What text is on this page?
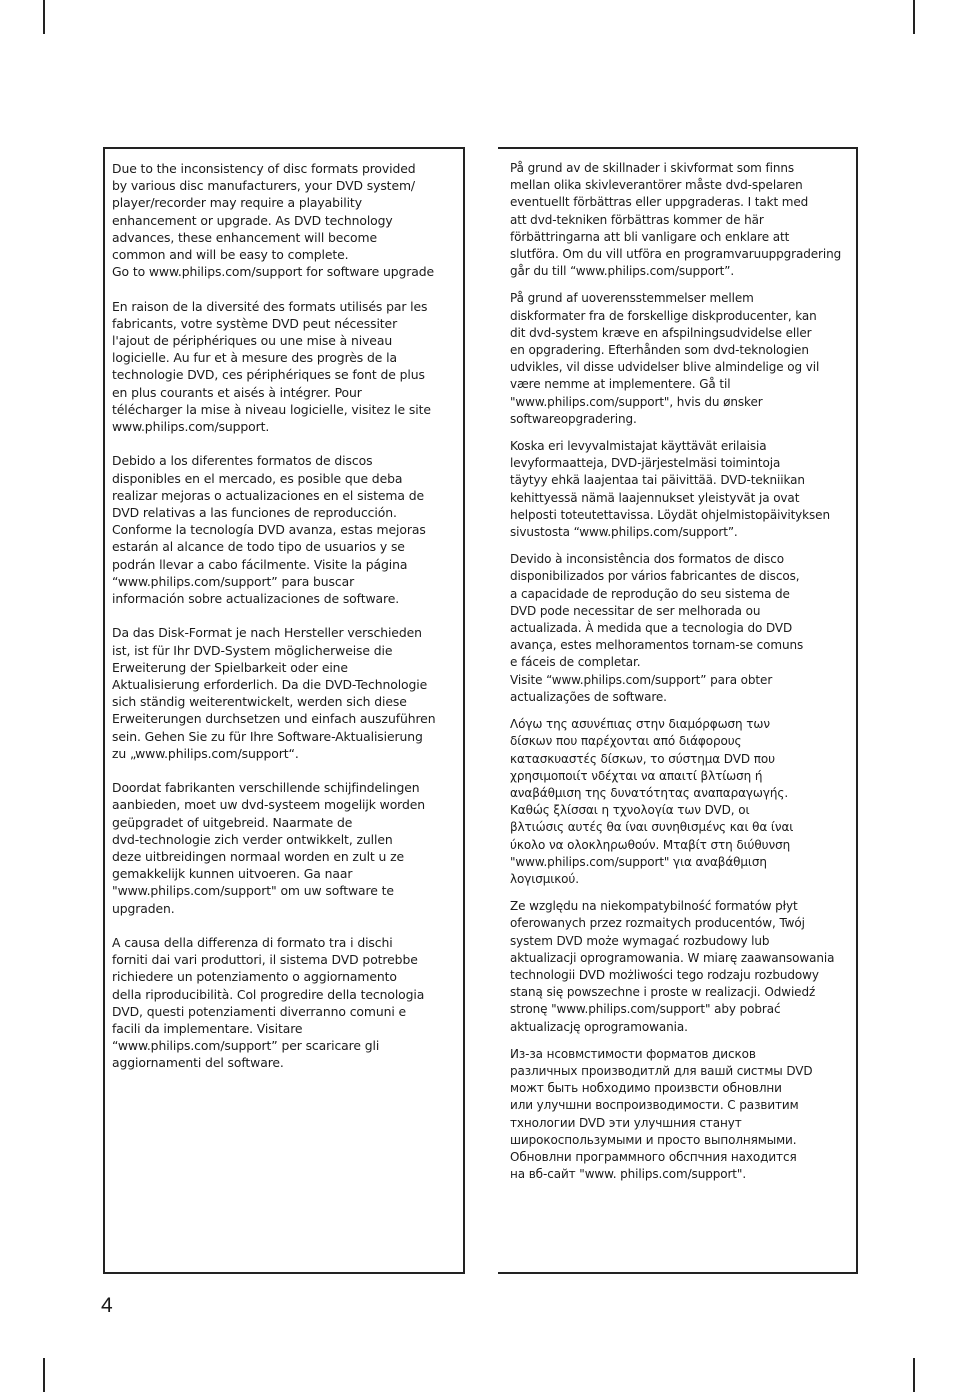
Due to the inconsistency of disc formats provided
by various disc manufacturers, your DVD system/
player/recorder may require a playability
enhancement or upgrade. As DVD technology
advances, these enhancement will become
common and will be easy to complete.
Go to www.philips.com/support for software upgrade

En raison de la diversité des formats utilisés par les
fabricants, votre système DVD peut nécessiter
l'ajout de périphériques ou une mise à niveau
logicielle. Au fur et à mesure des progrès de la
technologie DVD, ces périphériques se font de plus
en plus courants et aisés à intégrer. Pour
télécharger la mise à niveau logicielle, visitez le site
www.philips.com/support.

Debido a los diferentes formatos de discos
disponibles en el mercado, es posible que deba
realizar mejoras o actualizaciones en el sistema de
DVD relativas a las funciones de reproducción.
Conforme la tecnología DVD avanza, estas mejoras
estarán al alcance de todo tipo de usuarios y se
podrán llevar a cabo fácilmente. Visite la página
“www.philips.com/support” para buscar
información sobre actualizaciones de software.

Da das Disk-Format je nach Hersteller verschieden
ist, ist für Ihr DVD-System möglicherweise die
Erweiterung der Spielbarkeit oder eine
Aktualisierung erforderlich. Da die DVD-Technologie
sich ständig weiterentwickelt, werden sich diese
Erweiterungen durchsetzen und einfach auszuführen
sein. Gehen Sie zu für Ihre Software-Aktualisierung
zu „www.philips.com/support“.

Doordat fabrikanten verschillende schijfindelingen
aanbieden, moet uw dvd-systeem mogelijk worden
geüpgradet of uitgebreid. Naarmate de
dvd-technologie zich verder ontwikkelt, zullen
deze uitbreidingen normaal worden en zult u ze
gemakkelijk kunnen uitvoeren. Ga naar
"www.philips.com/support" om uw software te
upgraden.

A causa della differenza di formato tra i dischi
forniti dai vari produttori, il sistema DVD potrebbe
richiedere un potenziamento o aggiornamento
della riproducibilità. Col progredire della tecnologia
DVD, questi potenziamenti diverranno comuni e
facili da implementare. Visitare
“www.philips.com/support” per scaricare gli
aggiornamenti del software.

På grund av de skillnader i skivformat som finns
mellan olika skivleverantörer måste dvd-spelaren
eventuellt förbättras eller uppgraderas. I takt med
att dvd-tekniken förbättras kommer de här
förbättringarna att bli vanligare och enklare att
slutföra. Om du vill utföra en programvaruuppgradering
går du till “www.philips.com/support”.

På grund af uoverensstemmelser mellem
diskformater fra de forskellige diskproducenter, kan
dit dvd-system kræve en afspilningsudvidelse eller
en opgradering. Efterhånden som dvd-teknologien
udvikles, vil disse udvidelser blive almindelige og vil
være nemme at implementere. Gå til
"www.philips.com/support", hvis du ønsker
softwareopgradering.

Koska eri levyvalmistajat käyttävät erilaisia
levyformaatteja, DVD-järjestelmäsi toimintoja
täytyy ehkä laajentaa tai päivittää. DVD-tekniikan
kehittyessä nämä laajennukset yleistyvät ja ovat
helposti toteutettavissa. Löydät ohjelmistopäivityksen
sivustosta “www.philips.com/support”.

Devido à inconsistência dos formatos de disco
disponibilizados por vários fabricantes de discos,
a capacidade de reprodução do seu sistema de
DVD pode necessitar de ser melhorada ou
actualizada. À medida que a tecnologia do DVD
avança, estes melhoramentos tornam-se comuns
e fáceis de completar.
Visite “www.philips.com/support” para obter
actualizações de software.

Λόγω της ασυνέπιας στην διαμόρφωση των
δίσκων που παρέχονται από διάφορους
κατασκυαστές δίσκων, το σύστημα DVD που
χρησιμοποιίτ νδέχται να απαιτί βλτίωση ή
αναβάθμιση της δυνατότητας αναπαραγωγής.
Καθώς ξλίσσαι η τχνολογία των DVD, οι
βλτιώσις αυτές θα ίναι συνηθισμένς και θα ίναι
ύκολο να ολοκληρωθούν. Μταβίτ στη διύθυνση
"www.philips.com/support" για αναβάθμιση
λογισμικού.

Ze względu na niekompatybilność formatów płyt
oferowanych przez rozmaitych producentów, Twój
system DVD może wymagać rozbudowy lub
aktualizacji oprogramowania. W miarę zaawansowania
technologii DVD możliwości tego rodzaju rozbudowy
staną się powszechne i proste w realizacji. Odwiedź
stronę "www.philips.com/support" aby pobrać
aktualizację oprogramowania.

Из-за нсовмстимости форматов дисков
различных производитлй для вашй систмы DVD
можт быть нобходимо произвсти обновлни
или улучшни воспроизводимости. С развитим
тхнологии DVD эти улучшния станут
широкоспользумыми и просто выполнямыми.
Обновлни программного обспчния находится
на вб-сайт "www. philips.com/support".

4
